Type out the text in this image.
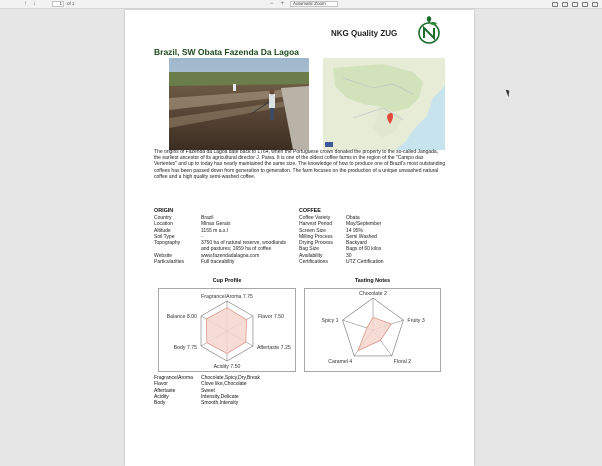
↑	↓	1	of 1	− +	Automatic Zoom
NKG Quality ZUG
Brazil, SW Obata Fazenda Da Lagoa

The origins of Fazenda da Lagoa date back to 1764, when the Portuguese crown donated the property to the so-called Jangada, the earliest ancestor of its agricultural director J. Paiva. It is one of the oldest coffee farms in the region of the "Campo das Vertentes" and up to today has nearly maintained the same size. The knowledge of how to produce one of Brazil's most outstanding coffees has been passed down from generation to generation. The farm focuses on the production of a unique unwashed natural coffee and a high quality semi-washed coffee.

ORIGIN
Country	Brazil
Location	Minas Gerais
Altitude	1155 m a.s.l
Soil Type	-
Topography	3750 ha of natural reserve, woodlands and pastures; 1659 ha of coffee
Website	www.fazendadalagoa.com
Particularities	Full traceability
COFFEE
Coffee Variety	Obata
Harvest Period	May/September
Screen Size	14 95%
Milling Process	Semi Washed
Drying Process	Backyard
Bag Size	Bags of 60 kilos
Availability	30
Certifications	UTZ Certification
Cup Profile
Fragrance/Aroma 7.75
Flavor 7.50
Aftertaste 7.25
Acidity 7.50
Body 7.75
Balance 8.00
Tasting Notes
Chocolate 2
Fruity 3
Floral 2
Caramel 4
Spicy 1
Fragrance/Aroma	Chocolate,Spicy,Dry,Break
Flavor	Clove like,Chocolate
Aftertaste	Sweet
Acidity	Intensity,Delicate
Body	Smooth,Intensity
